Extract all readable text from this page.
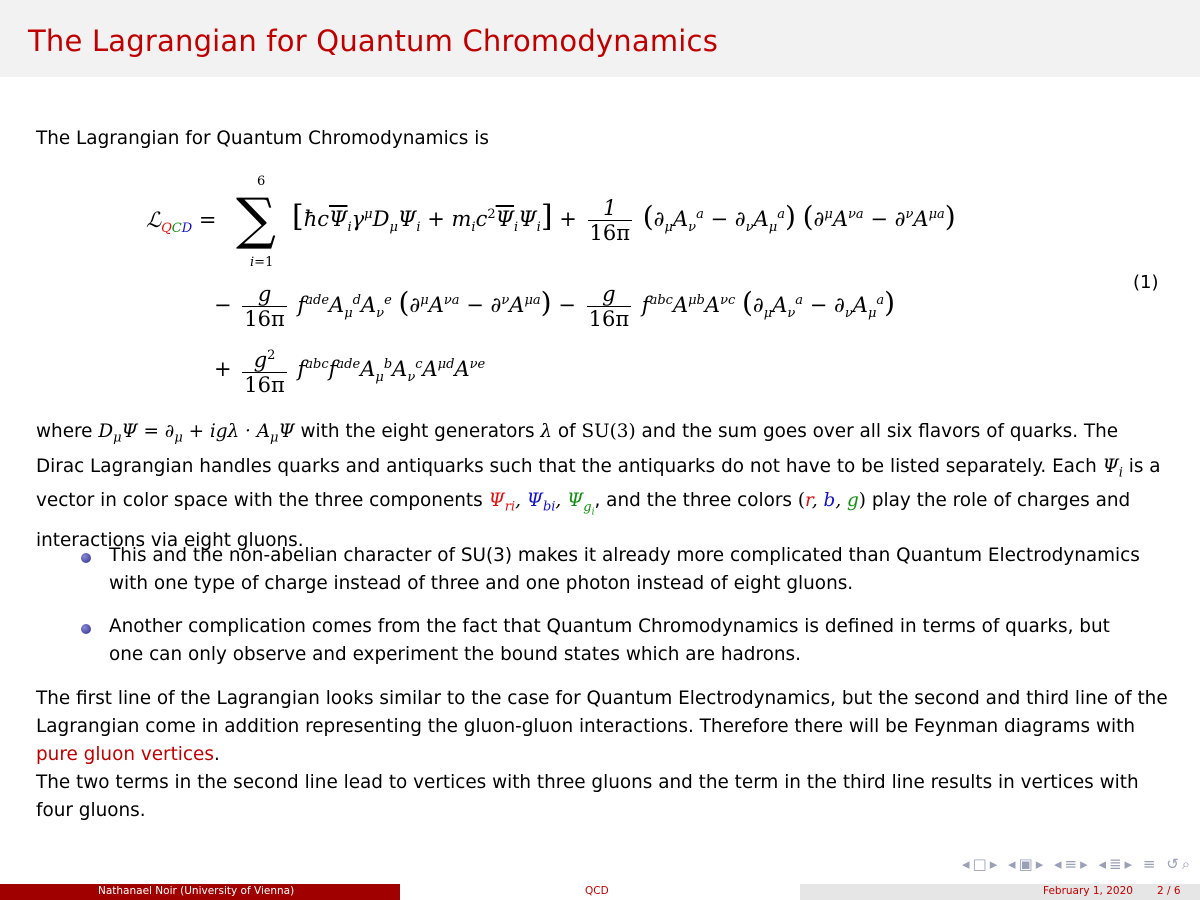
The Lagrangian for Quantum Chromodynamics
The Lagrangian for Quantum Chromodynamics is
ℒ$_{QCD}$ = ∑
6
i=1
$[ħc\overline{\Psi}_i\gamma^\mu D_\mu\Psi_i + m_ic^2\overline{\Psi}_i\Psi_i] + \frac{1}{16\pi} (\partial_\mu A_\nu^a - \partial_\nu A_\mu^a) (\partial^\mu A^{\nu a} - \partial^\nu A^{\mu a})$
− $\frac{g}{16\pi} f^{ade}A_\mu^dA_\nu^e$ $(\partial^\mu A^{\nu a} - \partial^\nu A^{\mu a}) - \frac{g}{16\pi} f^{abc}A^{\mu b}A^{\nu c}$ $(\partial_\mu A_\nu^a - \partial_\nu A_\mu^a)$
+ $\frac{g^2}{16\pi} f^{abc}f^{ade}A_\mu^bA_\nu^cA^{\mu d}A^{\nu e}$
(1)
where $D_\mu\Psi = \partial_\mu + ig\lambda \cdot A_\mu\Psi$ with the eight generators λ of SU(3) and the sum goes over all six flavors of quarks. The Dirac Lagrangian handles quarks and antiquarks such that the antiquarks do not have to be listed separately. Each $\Psi_i$ is a vector in color space with the three components $\Psi_{ri}$, $\Psi_{bi}$, $\Psi_{g_i}$, and the three colors (r, b, g) play the role of charges and interactions via eight gluons.
This and the non-abelian character of SU(3) makes it already more complicated than Quantum Electrodynamics with one type of charge instead of three and one photon instead of eight gluons.
Another complication comes from the fact that Quantum Chromodynamics is defined in terms of quarks, but one can only observe and experiment the bound states which are hadrons.
The first line of the Lagrangian looks similar to the case for Quantum Electrodynamics, but the second and third line of the Lagrangian come in addition representing the gluon-gluon interactions. Therefore there will be Feynman diagrams with pure gluon vertices.
The two terms in the second line lead to vertices with three gluons and the term in the third line results in vertices with four gluons.
◂□▸ ◂▣▸ ◂≡▸ ◂≣▸ ≡ ↺⌕
Nathanael Noir (University of Vienna)	QCD	February 1, 2020 2 / 6
